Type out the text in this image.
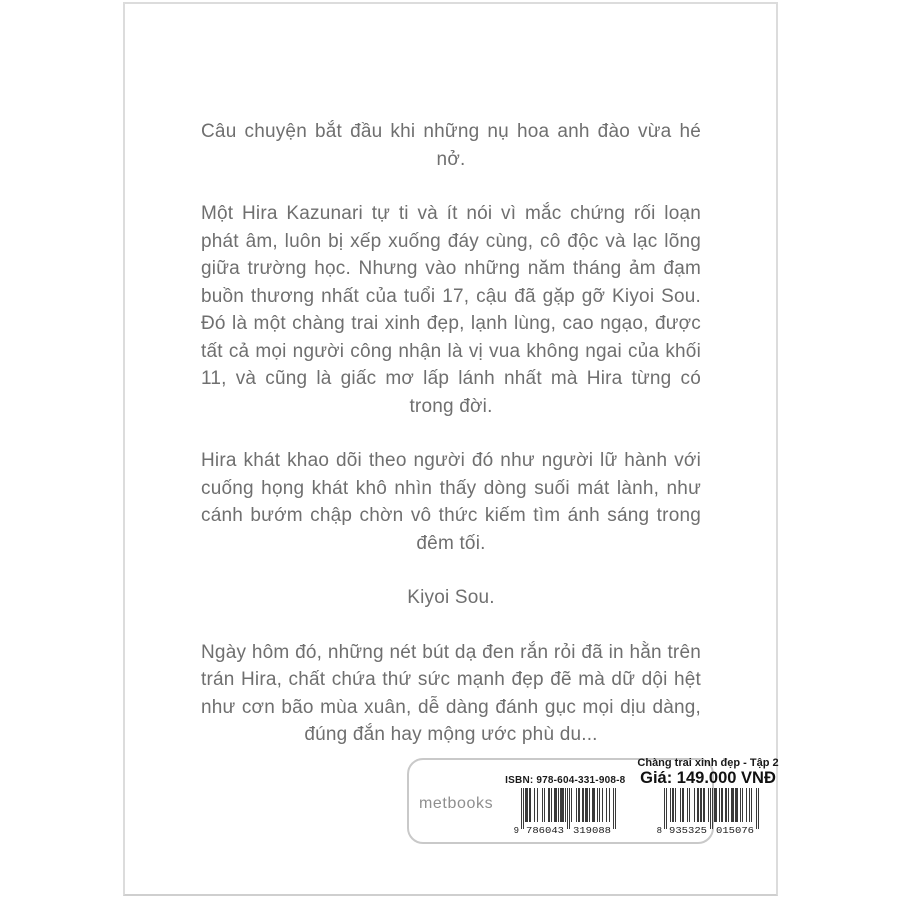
Câu chuyện bắt đầu khi những nụ hoa anh đào vừa hé nở.

Một Hira Kazunari tự ti và ít nói vì mắc chứng rối loạn phát âm, luôn bị xếp xuống đáy cùng, cô độc và lạc lõng giữa trường học. Nhưng vào những năm tháng ảm đạm buồn thương nhất của tuổi 17, cậu đã gặp gỡ Kiyoi Sou. Đó là một chàng trai xinh đẹp, lạnh lùng, cao ngạo, được tất cả mọi người công nhận là vị vua không ngai của khối 11, và cũng là giấc mơ lấp lánh nhất mà Hira từng có trong đời.

Hira khát khao dõi theo người đó như người lữ hành với cuống họng khát khô nhìn thấy dòng suối mát lành, như cánh bướm chập chờn vô thức kiếm tìm ánh sáng trong đêm tối.

Kiyoi Sou.

Ngày hôm đó, những nét bút dạ đen rắn rỏi đã in hằn trên trán Hira, chất chứa thứ sức mạnh đẹp đẽ mà dữ dội hệt như cơn bão mùa xuân, dễ dàng đánh gục mọi dịu dàng, đúng đắn hay mộng ước phù du...

metbooks
ISBN: 978-604-331-908-8
9 786043 319088
Chàng trai xinh đẹp - Tập 2
Giá: 149.000 VNĐ
8 935325 015076
